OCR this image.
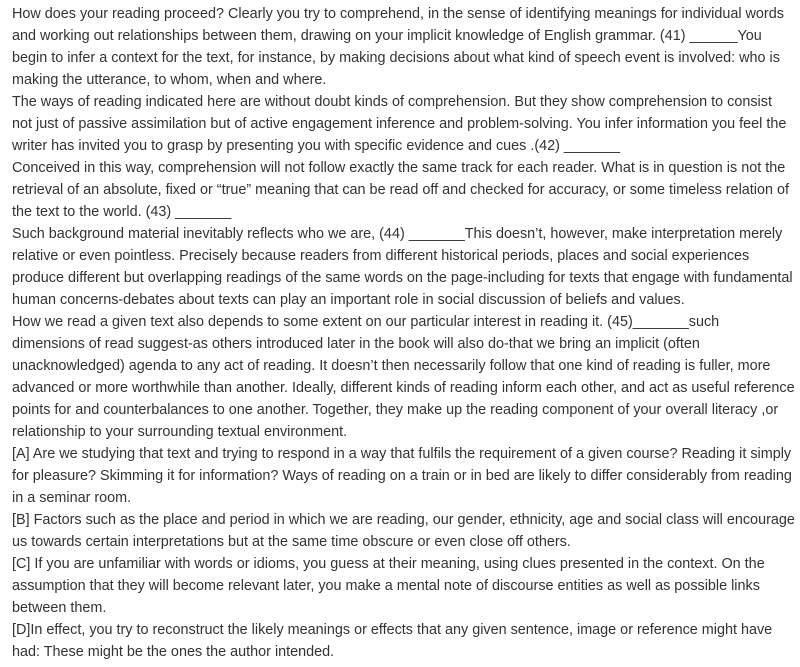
How does your reading proceed? Clearly you try to comprehend, in the sense of identifying meanings for individual words and working out relationships between them, drawing on your implicit knowledge of English grammar. (41) ______You begin to infer a context for the text, for instance, by making decisions about what kind of speech event is involved: who is making the utterance, to whom, when and where.

The ways of reading indicated here are without doubt kinds of comprehension. But they show comprehension to consist not just of passive assimilation but of active engagement inference and problem-solving. You infer information you feel the writer has invited you to grasp by presenting you with specific evidence and cues .(42) _______

Conceived in this way, comprehension will not follow exactly the same track for each reader. What is in question is not the retrieval of an absolute, fixed or “true” meaning that can be read off and checked for accuracy, or some timeless relation of the text to the world. (43) _______

Such background material inevitably reflects who we are, (44) _______This doesn’t, however, make interpretation merely relative or even pointless. Precisely because readers from different historical periods, places and social experiences produce different but overlapping readings of the same words on the page-including for texts that engage with fundamental human concerns-debates about texts can play an important role in social discussion of beliefs and values.

How we read a given text also depends to some extent on our particular interest in reading it. (45)_______such dimensions of read suggest-as others introduced later in the book will also do-that we bring an implicit (often unacknowledged) agenda to any act of reading. It doesn’t then necessarily follow that one kind of reading is fuller, more advanced or more worthwhile than another. Ideally, different kinds of reading inform each other, and act as useful reference points for and counterbalances to one another. Together, they make up the reading component of your overall literacy ,or relationship to your surrounding textual environment.

[A] Are we studying that text and trying to respond in a way that fulfils the requirement of a given course? Reading it simply for pleasure? Skimming it for information? Ways of reading on a train or in bed are likely to differ considerably from reading in a seminar room.

[B] Factors such as the place and period in which we are reading, our gender, ethnicity, age and social class will encourage us towards certain interpretations but at the same time obscure or even close off others.

[C] If you are unfamiliar with words or idioms, you guess at their meaning, using clues presented in the context. On the assumption that they will become relevant later, you make a mental note of discourse entities as well as possible links between them.

[D]In effect, you try to reconstruct the likely meanings or effects that any given sentence, image or reference might have had: These might be the ones the author intended.
